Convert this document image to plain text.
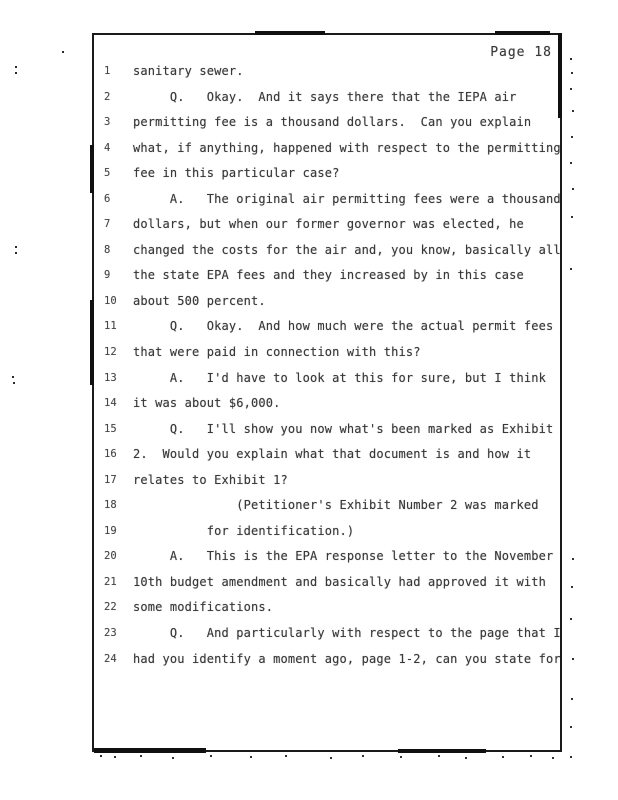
Page 18
1	sanitary sewer.
2	Q.   Okay.  And it says there that the IEPA air
3	permitting fee is a thousand dollars.  Can you explain
4	what, if anything, happened with respect to the permitting
5	fee in this particular case?
6	A.   The original air permitting fees were a thousand
7	dollars, but when our former governor was elected, he
8	changed the costs for the air and, you know, basically all
9	the state EPA fees and they increased by in this case
10	about 500 percent.
11	Q.   Okay.  And how much were the actual permit fees
12	that were paid in connection with this?
13	A.   I'd have to look at this for sure, but I think
14	it was about $6,000.
15	Q.   I'll show you now what's been marked as Exhibit
16	2.  Would you explain what that document is and how it
17	relates to Exhibit 1?
18	(Petitioner's Exhibit Number 2 was marked
19	for identification.)
20	A.   This is the EPA response letter to the November
21	10th budget amendment and basically had approved it with
22	some modifications.
23	Q.   And particularly with respect to the page that I
24	had you identify a moment ago, page 1-2, can you state for
